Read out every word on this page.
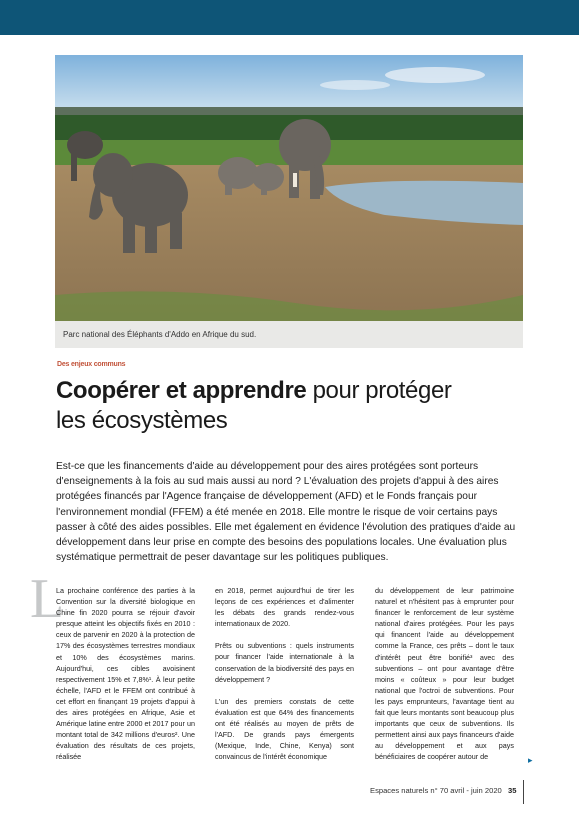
Parc national des Éléphants d'Addo en Afrique du sud.
Des enjeux communs
Coopérer et apprendre pour protéger
les écosystèmes
Est-ce que les financements d'aide au développement pour des aires protégées sont porteurs d'enseignements à la fois au sud mais aussi au nord ? L'évaluation des projets d'appui à des aires protégées financés par l'Agence française de développement (AFD) et le Fonds français pour l'environnement mondial (FFEM) a été menée en 2018. Elle montre le risque de voir certains pays passer à côté des aides possibles. Elle met également en évidence l'évolution des pratiques d'aide au développement dans leur prise en compte des besoins des populations locales. Une évaluation plus systématique permettrait de peser davantage sur les politiques publiques.
L

La prochaine conférence des parties à la Convention sur la diversité biologique en Chine fin 2020 pourra se réjouir d'avoir presque atteint les objectifs fixés en 2010 : ceux de parvenir en 2020 à la protection de 17% des écosystèmes terrestres mondiaux et 10% des écosystèmes marins. Aujourd'hui, ces cibles avoisinent respectivement 15% et 7,8%¹. À leur petite échelle, l'AFD et le FFEM ont contribué à cet effort en finançant 19 projets d'appui à des aires protégées en Afrique, Asie et Amérique latine entre 2000 et 2017 pour un montant total de 342 millions d'euros². Une évaluation des résultats de ces projets, réalisée

en 2018, permet aujourd'hui de tirer les leçons de ces expériences et d'alimenter les débats des grands rendez-vous internationaux de 2020.

Prêts ou subventions : quels instruments pour financer l'aide internationale à la conservation de la biodiversité des pays en développement ?

L'un des premiers constats de cette évaluation est que 64% des financements ont été réalisés au moyen de prêts de l'AFD. De grands pays émergents (Mexique, Inde, Chine, Kenya) sont convaincus de l'intérêt économique

du développement de leur patrimoine naturel et n'hésitent pas à emprunter pour financer le renforcement de leur système national d'aires protégées. Pour les pays qui financent l'aide au développement comme la France, ces prêts – dont le taux d'intérêt peut être bonifié³ avec des subventions – ont pour avantage d'être moins « coûteux » pour leur budget national que l'octroi de subventions. Pour les pays emprunteurs, l'avantage tient au fait que leurs montants sont beaucoup plus importants que ceux de subventions. Ils permettent ainsi aux pays financeurs d'aide au développement et aux pays bénéficiaires de coopérer autour de	▸
Espaces naturels n° 70 avril - juin 2020 35
